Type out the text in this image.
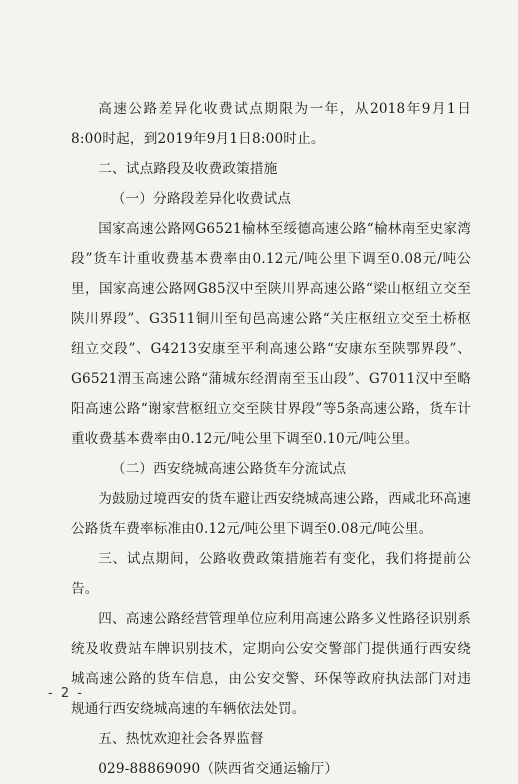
高速公路差异化收费试点期限为一年，从2018年9月1日8:00时起，到2019年9月1日8:00时止。

二、试点路段及收费政策措施

（一）分路段差异化收费试点

国家高速公路网G6521榆林至绥德高速公路“榆林南至史家湾段”货车计重收费基本费率由0.12元/吨公里下调至0.08元/吨公里，国家高速公路网G85汉中至陕川界高速公路“梁山枢纽立交至陕川界段”、G3511铜川至旬邑高速公路“关庄枢纽立交至土桥枢纽立交段”、G4213安康至平利高速公路“安康东至陕鄂界段”、G6521渭玉高速公路“蒲城东经渭南至玉山段”、G7011汉中至略阳高速公路“谢家营枢纽立交至陕甘界段”等5条高速公路，货车计重收费基本费率由0.12元/吨公里下调至0.10元/吨公里。

（二）西安绕城高速公路货车分流试点

为鼓励过境西安的货车避让西安绕城高速公路，西咸北环高速公路货车费率标准由0.12元/吨公里下调至0.08元/吨公里。

三、试点期间，公路收费政策措施若有变化，我们将提前公告。

四、高速公路经营管理单位应利用高速公路多义性路径识别系统及收费站车牌识别技术，定期向公安交警部门提供通行西安绕城高速公路的货车信息，由公安交警、环保等政府执法部门对违规通行西安绕城高速的车辆依法处罚。

五、热忱欢迎社会各界监督

029-88869090（陕西省交通运输厅）

- 2 -
